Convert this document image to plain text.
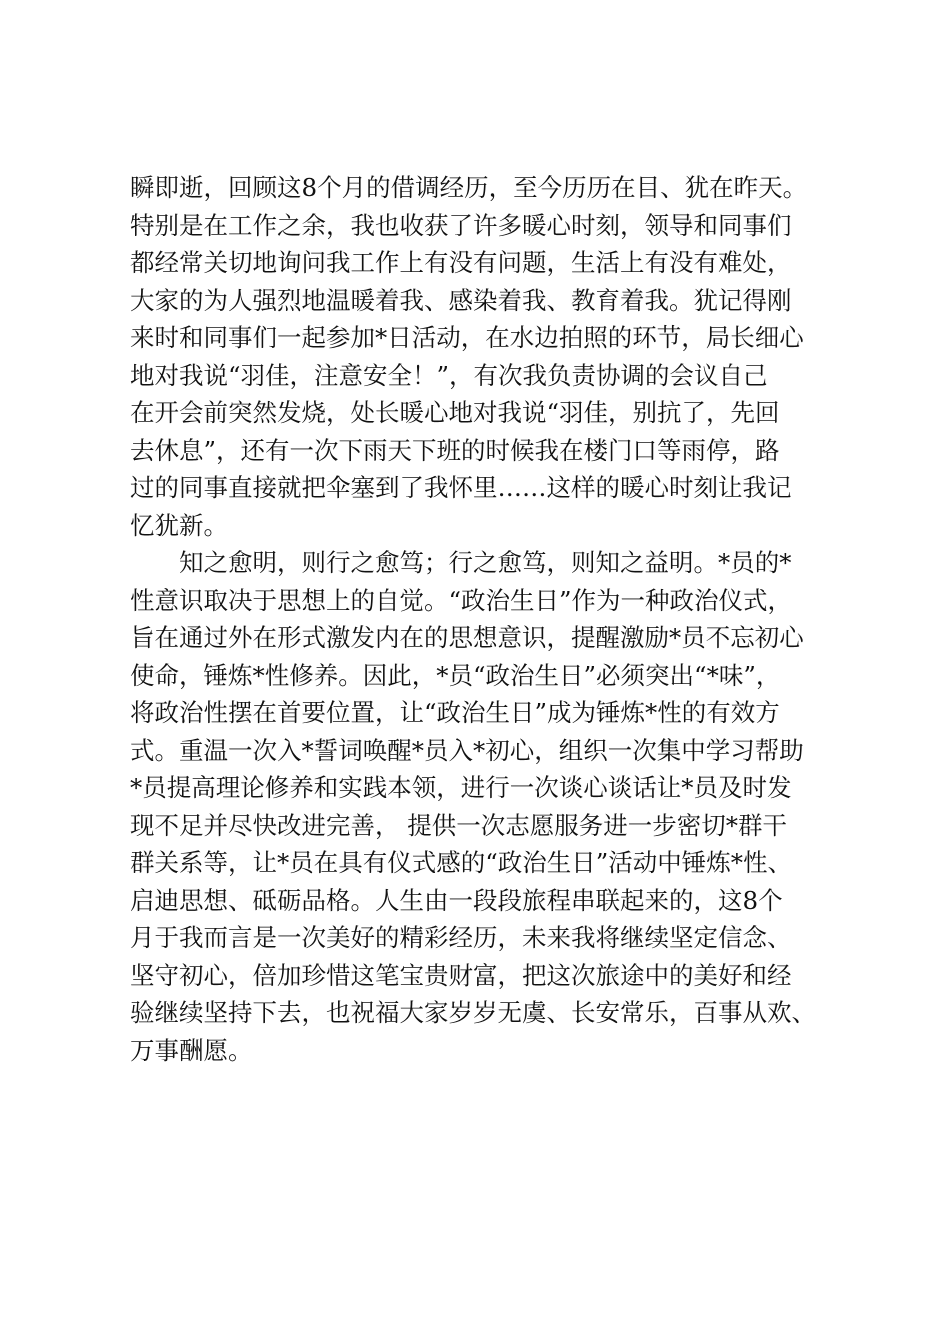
瞬即逝，回顾这8个月的借调经历，至今历历在目、犹在昨天。
特别是在工作之余，我也收获了许多暖心时刻，领导和同事们
都经常关切地询问我工作上有没有问题，生活上有没有难处，
大家的为人强烈地温暖着我、感染着我、教育着我。犹记得刚
来时和同事们一起参加*日活动，在水边拍照的环节，局长细心
地对我说“羽佳，注意安全！”，有次我负责协调的会议自己
在开会前突然发烧，处长暖心地对我说“羽佳，别抗了，先回
去休息”，还有一次下雨天下班的时候我在楼门口等雨停，路
过的同事直接就把伞塞到了我怀里……这样的暖心时刻让我记
忆犹新。
知之愈明，则行之愈笃；行之愈笃，则知之益明。*员的*
性意识取决于思想上的自觉。“政治生日”作为一种政治仪式，
旨在通过外在形式激发内在的思想意识，提醒激励*员不忘初心
使命，锤炼*性修养。因此，*员“政治生日”必须突出“*味”，
将政治性摆在首要位置，让“政治生日”成为锤炼*性的有效方
式。重温一次入*誓词唤醒*员入*初心，组织一次集中学习帮助
*员提高理论修养和实践本领，进行一次谈心谈话让*员及时发
现不足并尽快改进完善， 提供一次志愿服务进一步密切*群干
群关系等，让*员在具有仪式感的“政治生日”活动中锤炼*性、
启迪思想、砥砺品格。人生由一段段旅程串联起来的，这8个
月于我而言是一次美好的精彩经历，未来我将继续坚定信念、
坚守初心，倍加珍惜这笔宝贵财富，把这次旅途中的美好和经
验继续坚持下去，也祝福大家岁岁无虞、长安常乐，百事从欢、
万事酬愿。
